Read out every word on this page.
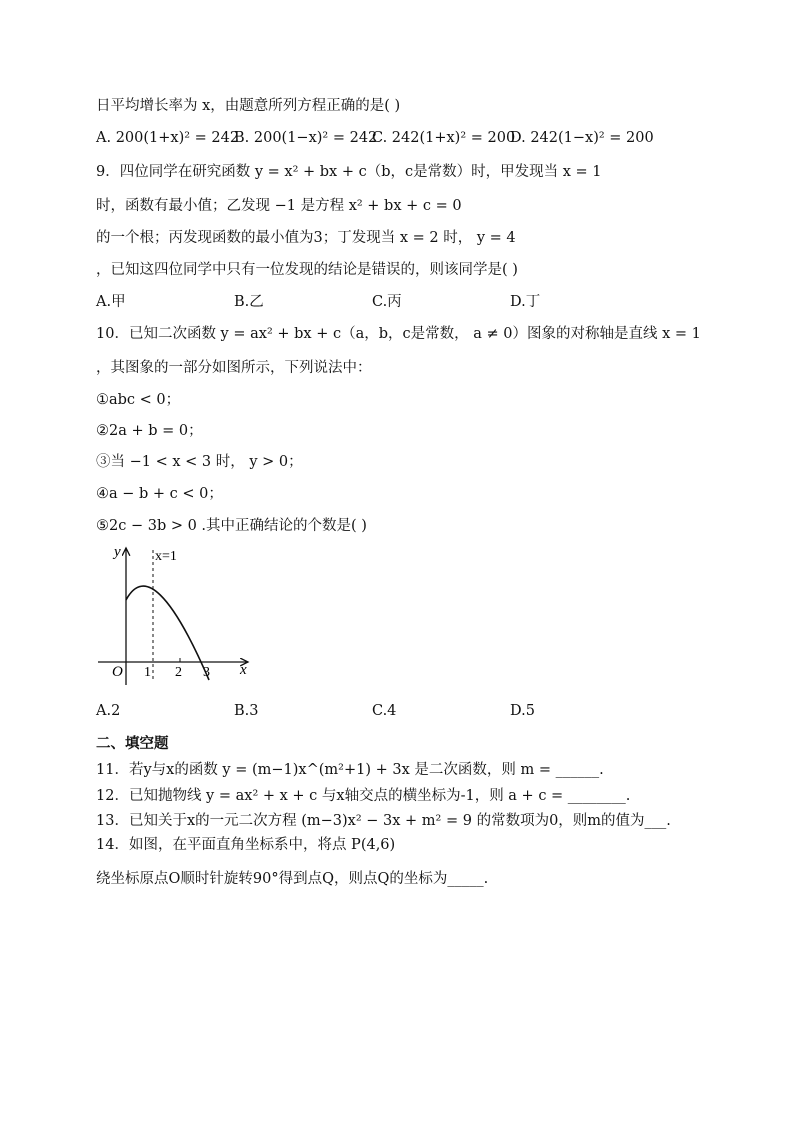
日平均增长率为 x，由题意所列方程正确的是( )
A. 200(1+x)² = 242
B. 200(1−x)² = 242
C. 242(1+x)² = 200
D. 242(1−x)² = 200
9．四位同学在研究函数 y = x² + bx + c（b，c是常数）时，甲发现当 x = 1
时，函数有最小值；乙发现 −1 是方程 x² + bx + c = 0
的一个根；丙发现函数的最小值为3；丁发现当 x = 2 时， y = 4
，已知这四位同学中只有一位发现的结论是错误的，则该同学是( )
A.甲	B.乙	C.丙	D.丁
10．已知二次函数 y = ax² + bx + c（a，b，c是常数， a ≠ 0）图象的对称轴是直线 x = 1
，其图象的一部分如图所示，下列说法中：
①abc < 0；
②2a + b = 0；
③当 −1 < x < 3 时， y > 0；
④a − b + c < 0；
⑤2c − 3b > 0 .其中正确结论的个数是( )
y
x
O
x=1
1 2 3
A.2	B.3	C.4	D.5
二、填空题
11．若y与x的函数 y = (m−1)x^(m²+1) + 3x 是二次函数，则 m = ______.
12．已知抛物线 y = ax² + x + c 与x轴交点的横坐标为-1，则 a + c = ________.
13．已知关于x的一元二次方程 (m−3)x² − 3x + m² = 9 的常数项为0，则m的值为___.
14．如图，在平面直角坐标系中，将点 P(4,6)
绕坐标原点O顺时针旋转90°得到点Q，则点Q的坐标为_____.
